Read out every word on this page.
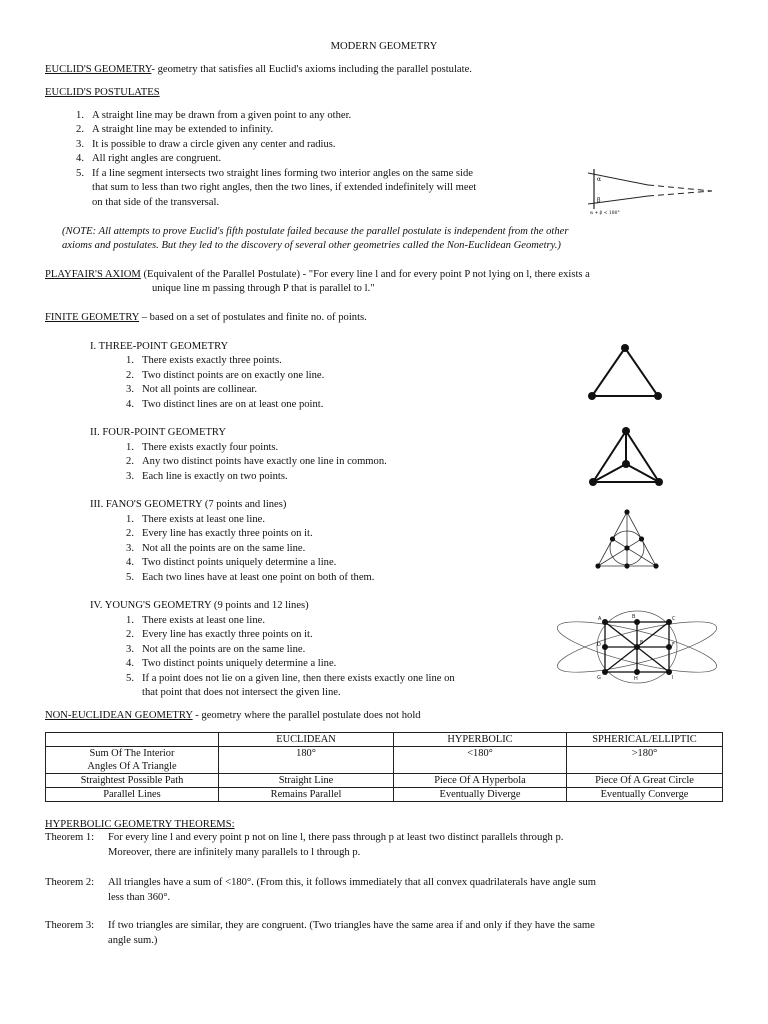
MODERN GEOMETRY
EUCLID'S GEOMETRY- geometry that satisfies all Euclid's axioms including the parallel postulate.
EUCLID'S POSTULATES
1. A straight line may be drawn from a given point to any other.
2. A straight line may be extended to infinity.
3. It is possible to draw a circle given any center and radius.
4. All right angles are congruent.
5. If a line segment intersects two straight lines forming two interior angles on the same side
that sum to less than two right angles, then the two lines, if extended indefinitely will meet
on that side of the transversal.
α
β
α + β < 180°
(NOTE: All attempts to prove Euclid's fifth postulate failed because the parallel postulate is independent from the other
axioms and postulates. But they led to the discovery of several other geometries called the Non-Euclidean Geometry.)
PLAYFAIR'S AXIOM (Equivalent of the Parallel Postulate) - "For every line l and for every point P not lying on l, there exists a
unique line m passing through P that is parallel to l."
FINITE GEOMETRY – based on a set of postulates and finite no. of points.
I. THREE-POINT GEOMETRY
1. There exists exactly three points.
2. Two distinct points are on exactly one line.
3. Not all points are collinear.
4. Two distinct lines are on at least one point.
II. FOUR-POINT GEOMETRY
1. There exists exactly four points.
2. Any two distinct points have exactly one line in common.
3. Each line is exactly on two points.
III. FANO'S GEOMETRY (7 points and lines)
1. There exists at least one line.
2. Every line has exactly three points on it.
3. Not all the points are on the same line.
4. Two distinct points uniquely determine a line.
5. Each two lines have at least one point on both of them.
IV. YOUNG'S GEOMETRY (9 points and 12 lines)
1. There exists at least one line.
2. Every line has exactly three points on it.
3. Not all the points are on the same line.
4. Two distinct points uniquely determine a line.
5. If a point does not lie on a given line, then there exists exactly one line on
that point that does not intersect the given line.
A	B	C
D	E	F
G	H	I
NON-EUCLIDEAN GEOMETRY - geometry where the parallel postulate does not hold
	EUCLIDEAN	HYPERBOLIC	SPHERICAL/ELLIPTIC
Sum Of The Interior Angles Of A Triangle	180°	<180°	>180°
Straightest Possible Path	Straight Line	Piece Of A Hyperbola	Piece Of A Great Circle
Parallel Lines	Remains Parallel	Eventually Diverge	Eventually Converge
HYPERBOLIC GEOMETRY THEOREMS:
Theorem 1: For every line l and every point p not on line l, there pass through p at least two distinct parallels through p.
Moreover, there are infinitely many parallels to l through p.
Theorem 2: All triangles have a sum of <180°. (From this, it follows immediately that all convex quadrilaterals have angle sum
less than 360°.
Theorem 3: If two triangles are similar, they are congruent. (Two triangles have the same area if and only if they have the same
angle sum.)
